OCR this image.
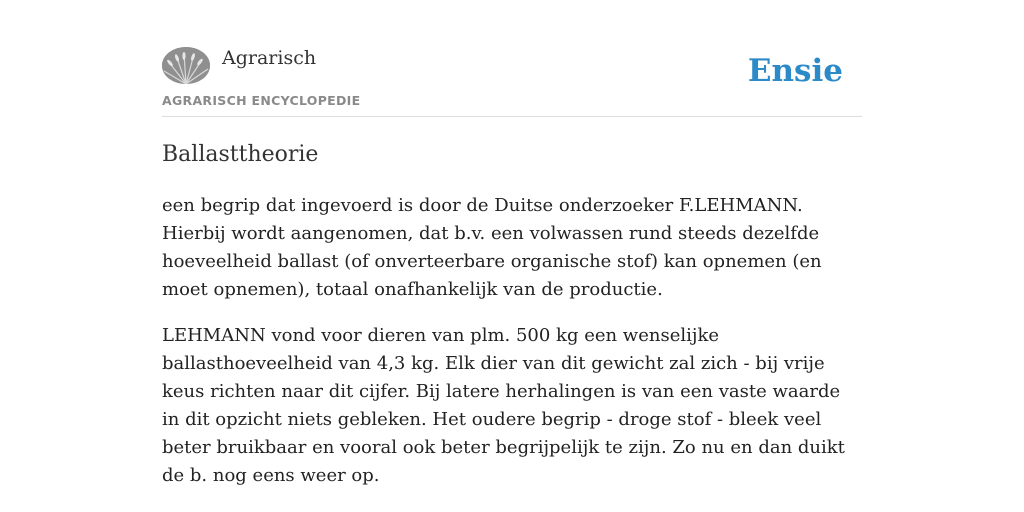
Agrarisch
AGRARISCH ENCYCLOPEDIE
Ensie
Ballasttheorie

een begrip dat ingevoerd is door de Duitse onderzoeker F.LEHMANN. Hierbij wordt aangenomen, dat b.v. een volwassen rund steeds dezelfde hoeveelheid ballast (of onverteerbare organische stof) kan opnemen (en moet opnemen), totaal onafhankelijk van de productie.

LEHMANN vond voor dieren van plm. 500 kg een wenselijke ballasthoeveelheid van 4,3 kg. Elk dier van dit gewicht zal zich - bij vrije keus richten naar dit cijfer. Bij latere herhalingen is van een vaste waarde in dit opzicht niets gebleken. Het oudere begrip - droge stof - bleek veel beter bruikbaar en vooral ook beter begrijpelijk te zijn. Zo nu en dan duikt de b. nog eens weer op.
